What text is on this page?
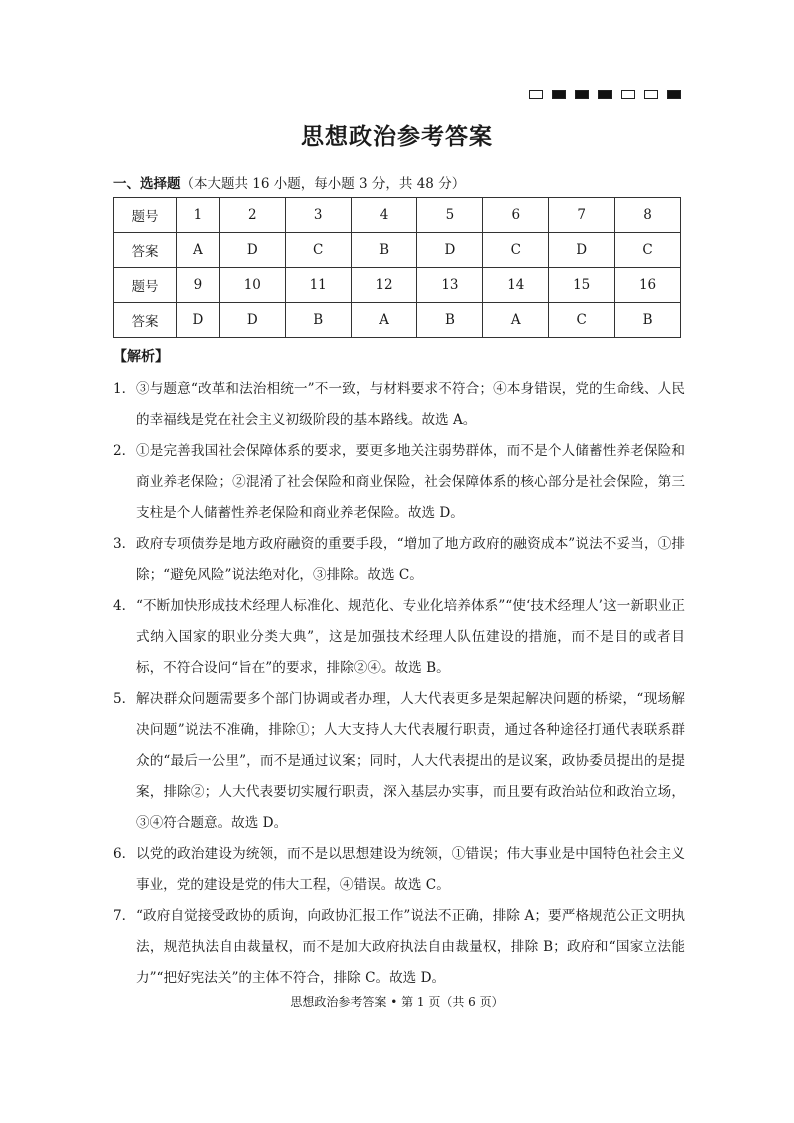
思想政治参考答案
一、选择题（本大题共 16 小题，每小题 3 分，共 48 分）
题号	1	2	3	4	5	6	7	8
答案	A	D	C	B	D	C	D	C
题号	9	10	11	12	13	14	15	16
答案	D	D	B	A	B	A	C	B
【解析】
1． ③与题意“改革和法治相统一”不一致，与材料要求不符合；④本身错误，党的生命线、人民的幸福线是党在社会主义初级阶段的基本路线。故选 A。
2． ①是完善我国社会保障体系的要求，要更多地关注弱势群体，而不是个人储蓄性养老保险和商业养老保险；②混淆了社会保险和商业保险，社会保障体系的核心部分是社会保险，第三支柱是个人储蓄性养老保险和商业养老保险。故选 D。
3． 政府专项债券是地方政府融资的重要手段，“增加了地方政府的融资成本”说法不妥当，①排除；“避免风险”说法绝对化，③排除。故选 C。
4． “不断加快形成技术经理人标准化、规范化、专业化培养体系”“使‘技术经理人’这一新职业正式纳入国家的职业分类大典”，这是加强技术经理人队伍建设的措施，而不是目的或者目标，不符合设问“旨在”的要求，排除②④。故选 B。
5． 解决群众问题需要多个部门协调或者办理，人大代表更多是架起解决问题的桥梁，“现场解决问题”说法不准确，排除①；人大支持人大代表履行职责，通过各种途径打通代表联系群众的“最后一公里”，而不是通过议案；同时，人大代表提出的是议案，政协委员提出的是提案，排除②；人大代表要切实履行职责，深入基层办实事，而且要有政治站位和政治立场，③④符合题意。故选 D。
6． 以党的政治建设为统领，而不是以思想建设为统领，①错误；伟大事业是中国特色社会主义事业，党的建设是党的伟大工程，④错误。故选 C。
7． “政府自觉接受政协的质询，向政协汇报工作”说法不正确，排除 A；要严格规范公正文明执法，规范执法自由裁量权，而不是加大政府执法自由裁量权，排除 B；政府和“国家立法能力”“把好宪法关”的主体不符合，排除 C。故选 D。
思想政治参考答案 • 第 1 页（共 6 页）
